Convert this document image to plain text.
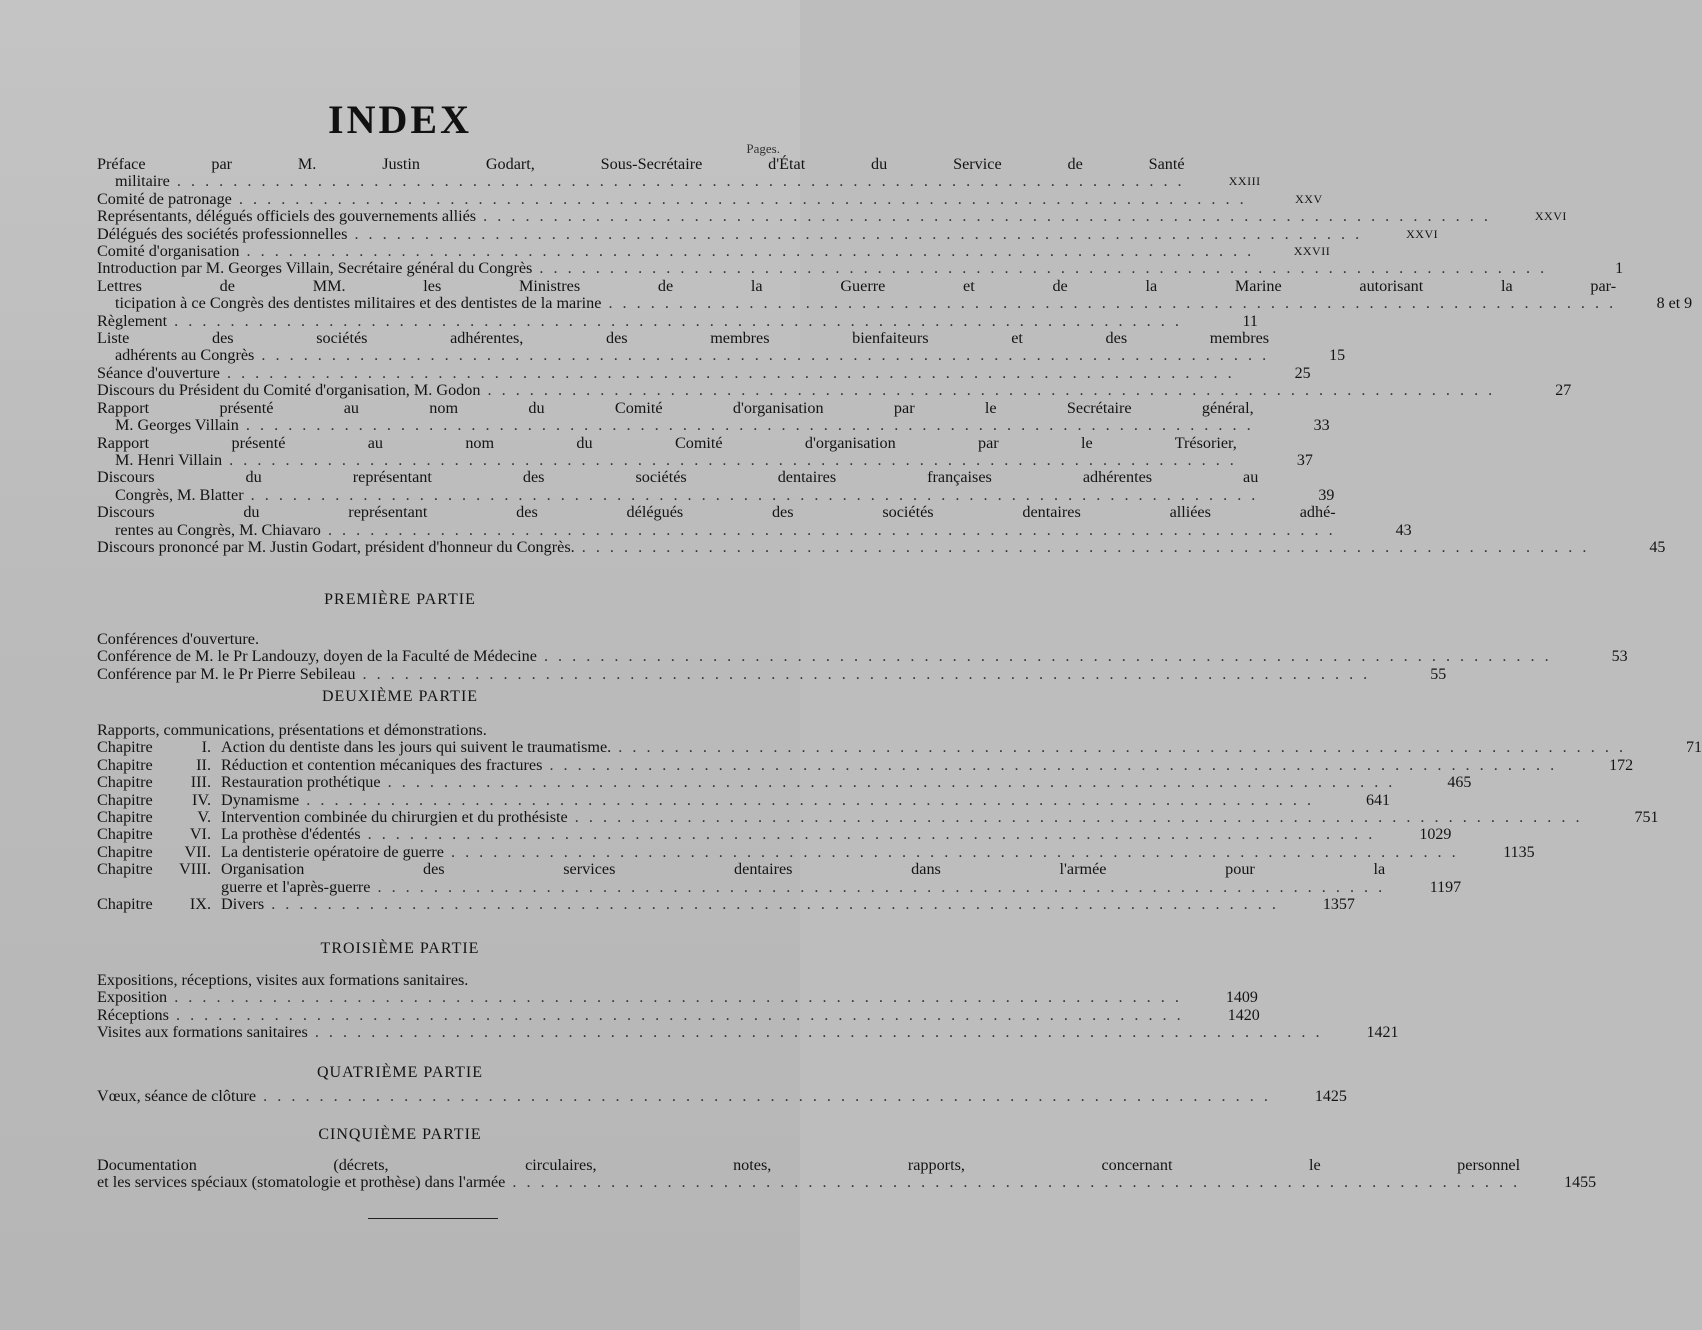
INDEX
Pages.
Préface par M. Justin Godart, Sous-Secrétaire d'État du Service de Santé
militaire . . . . . . . . . . . . . . . . . . . . . . . . . . . . . . . . . . . . . . . . . . . . . . . . . . . . . . . . . . . . . . . . . . . . . . . .	XXIII
Comité de patronage . . . . . . . . . . . . . . . . . . . . . . . . . . . . . . . . . . . . . . . . . . . . . . . . . . . . . . . . . . . . . . . . . . . . . . . .	XXV
Représentants, délégués officiels des gouvernements alliés . . . . . . . . . . . . . . . . . . . . . . . . . . . . . . . . . . . . . . . . . . . . . . . . . . . . . . . . . . . . . . . . . . . . . . . .	XXVI
Délégués des sociétés professionnelles . . . . . . . . . . . . . . . . . . . . . . . . . . . . . . . . . . . . . . . . . . . . . . . . . . . . . . . . . . . . . . . . . . . . . . . .	XXVI
Comité d'organisation . . . . . . . . . . . . . . . . . . . . . . . . . . . . . . . . . . . . . . . . . . . . . . . . . . . . . . . . . . . . . . . . . . . . . . . .	XXVII
Introduction par M. Georges Villain, Secrétaire général du Congrès . . . . . . . . . . . . . . . . . . . . . . . . . . . . . . . . . . . . . . . . . . . . . . . . . . . . . . . . . . . . . . . . . . . . . . . .	1
Lettres de MM. les Ministres de la Guerre et de la Marine autorisant la par-
ticipation à ce Congrès des dentistes militaires et des dentistes de la marine . . . . . . . . . . . . . . . . . . . . . . . . . . . . . . . . . . . . . . . . . . . . . . . . . . . . . . . . . . . . . . . . . . . . . . . .	8 et 9
Règlement . . . . . . . . . . . . . . . . . . . . . . . . . . . . . . . . . . . . . . . . . . . . . . . . . . . . . . . . . . . . . . . . . . . . . . . .	11
Liste des sociétés adhérentes, des membres bienfaiteurs et des membres
adhérents au Congrès . . . . . . . . . . . . . . . . . . . . . . . . . . . . . . . . . . . . . . . . . . . . . . . . . . . . . . . . . . . . . . . . . . . . . . . .	15
Séance d'ouverture . . . . . . . . . . . . . . . . . . . . . . . . . . . . . . . . . . . . . . . . . . . . . . . . . . . . . . . . . . . . . . . . . . . . . . . .	25
Discours du Président du Comité d'organisation, M. Godon . . . . . . . . . . . . . . . . . . . . . . . . . . . . . . . . . . . . . . . . . . . . . . . . . . . . . . . . . . . . . . . . . . . . . . . .	27
Rapport présenté au nom du Comité d'organisation par le Secrétaire général,
M. Georges Villain . . . . . . . . . . . . . . . . . . . . . . . . . . . . . . . . . . . . . . . . . . . . . . . . . . . . . . . . . . . . . . . . . . . . . . . .	33
Rapport présenté au nom du Comité d'organisation par le Trésorier,
M. Henri Villain . . . . . . . . . . . . . . . . . . . . . . . . . . . . . . . . . . . . . . . . . . . . . . . . . . . . . . . . . . . . . . . . . . . . . . . .	37
Discours du représentant des sociétés dentaires françaises adhérentes au
Congrès, M. Blatter . . . . . . . . . . . . . . . . . . . . . . . . . . . . . . . . . . . . . . . . . . . . . . . . . . . . . . . . . . . . . . . . . . . . . . . .	39
Discours du représentant des délégués des sociétés dentaires alliées adhé-
rentes au Congrès, M. Chiavaro . . . . . . . . . . . . . . . . . . . . . . . . . . . . . . . . . . . . . . . . . . . . . . . . . . . . . . . . . . . . . . . . . . . . . . . .	43
Discours prononcé par M. Justin Godart, président d'honneur du Congrès. . . . . . . . . . . . . . . . . . . . . . . . . . . . . . . . . . . . . . . . . . . . . . . . . . . . . . . . . . . . . . . . . . . . . . . . .	45
PREMIÈRE PARTIE
Conférences d'ouverture.
Conférence de M. le Pr Landouzy, doyen de la Faculté de Médecine . . . . . . . . . . . . . . . . . . . . . . . . . . . . . . . . . . . . . . . . . . . . . . . . . . . . . . . . . . . . . . . . . . . . . . . .	53
Conférence par M. le Pr Pierre Sebileau . . . . . . . . . . . . . . . . . . . . . . . . . . . . . . . . . . . . . . . . . . . . . . . . . . . . . . . . . . . . . . . . . . . . . . . .	55
DEUXIÈME PARTIE
Rapports, communications, présentations et démonstrations.
Chapitre	I. Action du dentiste dans les jours qui suivent le traumatisme. . . . . . . . . . . . . . . . . . . . . . . . . . . . . . . . . . . . . . . . . . . . . . . . . . . . . . . . . . . . . . . . . . . . . . . . .	71
Chapitre	II. Réduction et contention mécaniques des fractures . . . . . . . . . . . . . . . . . . . . . . . . . . . . . . . . . . . . . . . . . . . . . . . . . . . . . . . . . . . . . . . . . . . . . . . .	172
Chapitre	III. Restauration prothétique . . . . . . . . . . . . . . . . . . . . . . . . . . . . . . . . . . . . . . . . . . . . . . . . . . . . . . . . . . . . . . . . . . . . . . . .	465
Chapitre	IV. Dynamisme . . . . . . . . . . . . . . . . . . . . . . . . . . . . . . . . . . . . . . . . . . . . . . . . . . . . . . . . . . . . . . . . . . . . . . . .	641
Chapitre	V. Intervention combinée du chirurgien et du prothésiste . . . . . . . . . . . . . . . . . . . . . . . . . . . . . . . . . . . . . . . . . . . . . . . . . . . . . . . . . . . . . . . . . . . . . . . .	751
Chapitre	VI. La prothèse d'édentés . . . . . . . . . . . . . . . . . . . . . . . . . . . . . . . . . . . . . . . . . . . . . . . . . . . . . . . . . . . . . . . . . . . . . . . .	1029
Chapitre	VII. La dentisterie opératoire de guerre . . . . . . . . . . . . . . . . . . . . . . . . . . . . . . . . . . . . . . . . . . . . . . . . . . . . . . . . . . . . . . . . . . . . . . . .	1135
Chapitre	VIII. Organisation des services dentaires dans l'armée pour la
guerre et l'après-guerre . . . . . . . . . . . . . . . . . . . . . . . . . . . . . . . . . . . . . . . . . . . . . . . . . . . . . . . . . . . . . . . . . . . . . . . .	1197
Chapitre	IX. Divers . . . . . . . . . . . . . . . . . . . . . . . . . . . . . . . . . . . . . . . . . . . . . . . . . . . . . . . . . . . . . . . . . . . . . . . .	1357
TROISIÈME PARTIE
Expositions, réceptions, visites aux formations sanitaires.
Exposition . . . . . . . . . . . . . . . . . . . . . . . . . . . . . . . . . . . . . . . . . . . . . . . . . . . . . . . . . . . . . . . . . . . . . . . .	1409
Réceptions . . . . . . . . . . . . . . . . . . . . . . . . . . . . . . . . . . . . . . . . . . . . . . . . . . . . . . . . . . . . . . . . . . . . . . . .	1420
Visites aux formations sanitaires . . . . . . . . . . . . . . . . . . . . . . . . . . . . . . . . . . . . . . . . . . . . . . . . . . . . . . . . . . . . . . . . . . . . . . . .	1421
QUATRIÈME PARTIE
Vœux, séance de clôture . . . . . . . . . . . . . . . . . . . . . . . . . . . . . . . . . . . . . . . . . . . . . . . . . . . . . . . . . . . . . . . . . . . . . . . .	1425
CINQUIÈME PARTIE
Documentation (décrets, circulaires, notes, rapports, concernant le personnel
et les services spéciaux (stomatologie et prothèse) dans l'armée . . . . . . . . . . . . . . . . . . . . . . . . . . . . . . . . . . . . . . . . . . . . . . . . . . . . . . . . . . . . . . . . . . . . . . . .	1455
